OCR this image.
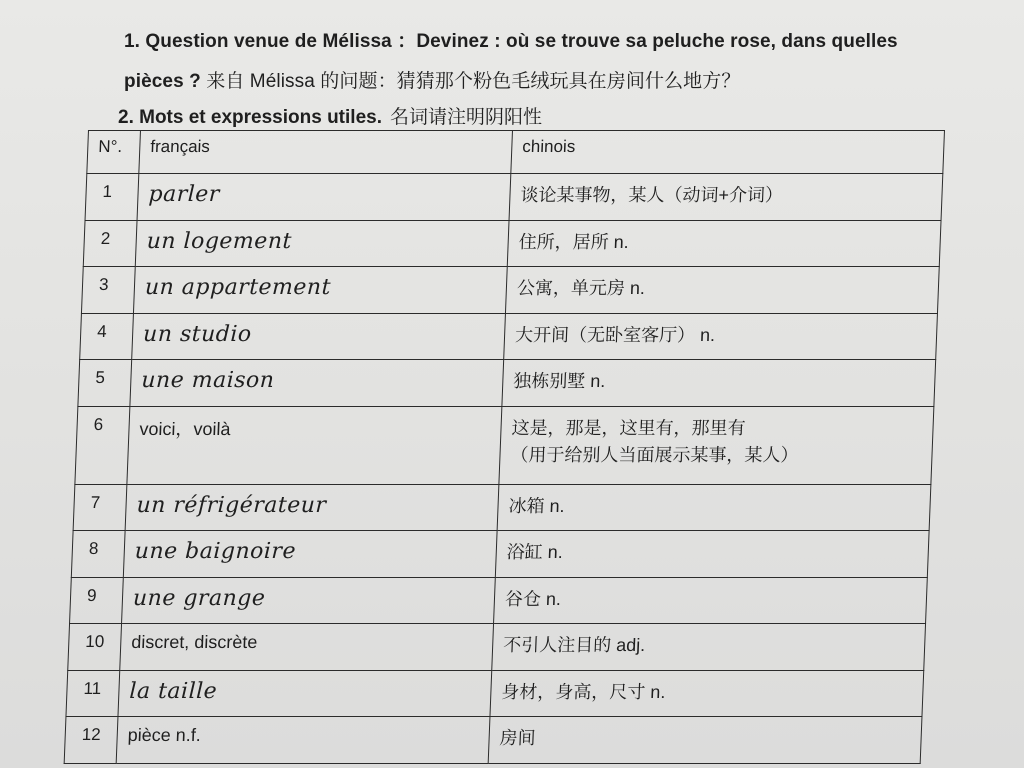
1. Question venue de Mélissa ：Devinez : où se trouve sa peluche rose, dans quelles
pièces ? 来自 Mélissa 的问题：猜猜那个粉色毛绒玩具在房间什么地方？
2. Mots et expressions utiles. 名词请注明阴阳性
N°.	français	chinois
1	parler	谈论某事物，某人（动词+介词）

2	un logement	住所，居所 n.

3	un appartement	公寓，单元房 n.

4	un studio	大开间（无卧室客厅） n.

5	une maison	独栋别墅 n.

6	voici，voilà	这是，那是，这里有，那里有
（用于给别人当面展示某事，某人）

7	un réfrigérateur	冰箱 n.

8	une baignoire	浴缸 n.

9	une grange	谷仓 n.

10	discret, discrète	不引人注目的 adj.

11	la taille	身材，身高，尺寸 n.

12	pièce n.f.	房间
